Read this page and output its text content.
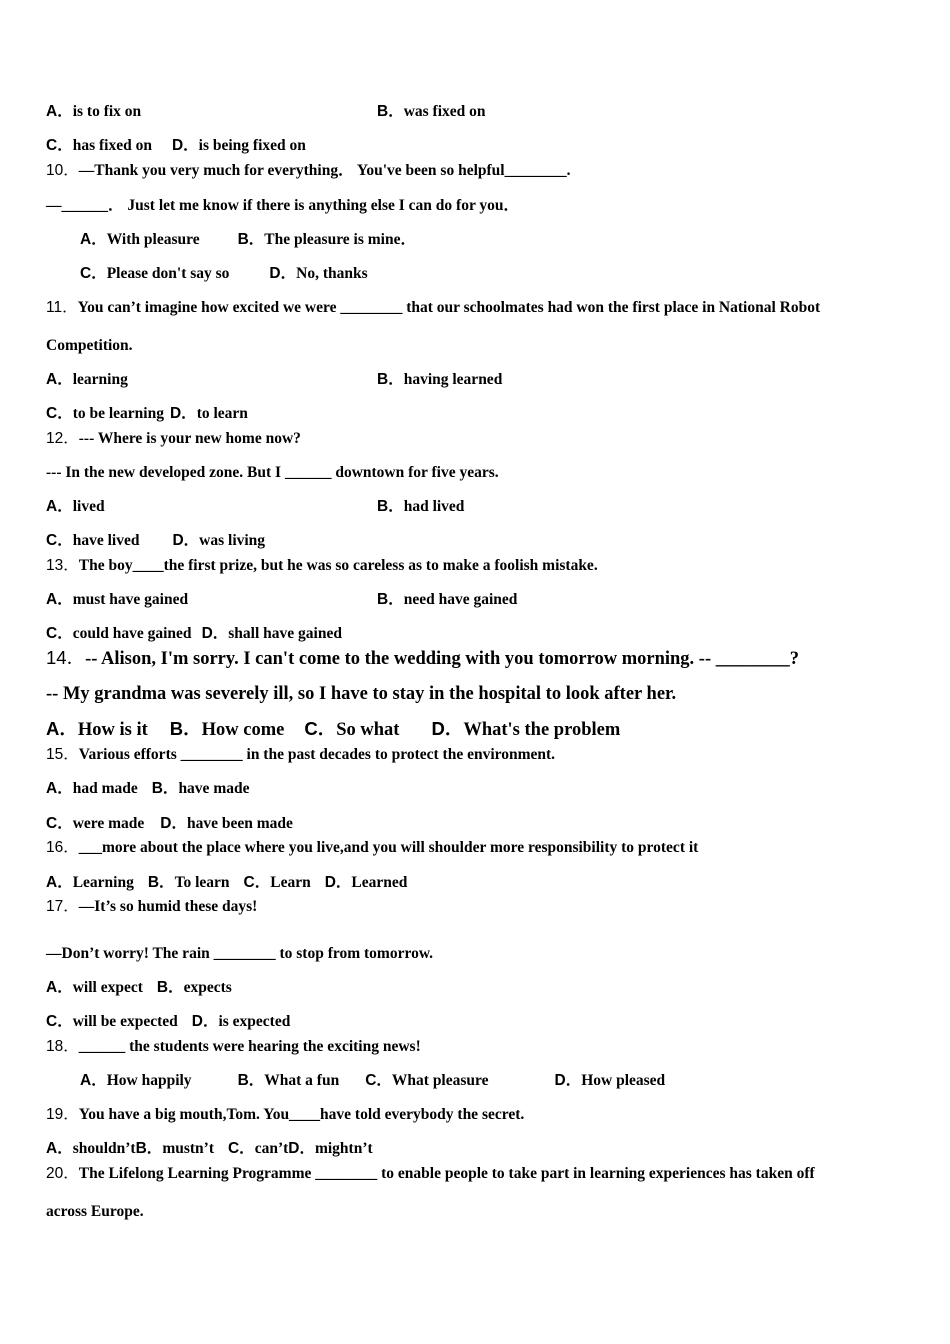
A．is to fix on	B．was fixed on
C．has fixed on D．is being fixed on
10．—Thank you very much for everything． You've been so helpful________.
—______． Just let me know if there is anything else I can do for you．
A．With pleasure B．The pleasure is mine．
C．Please don't say so	D．No, thanks
11．You can’t imagine how excited we were ________ that our schoolmates had won the first place in National Robot
Competition.
A．learning	B．having learned
C．to be learning D．to learn
12．--- Where is your new home now?
--- In the new developed zone. But I ______ downtown for five years.
A．lived	B．had lived
C．have lived D．was living
13．The boy____the first prize, but he was so careless as to make a foolish mistake.
A．must have gained	B．need have gained
C．could have gained D．shall have gained
14．-- Alison, I'm sorry. I can't come to the wedding with you tomorrow morning. -- ________?
-- My grandma was severely ill, so I have to stay in the hospital to look after her.
A．How is it B．How come C．So what D．What's the problem
15．Various efforts ________ in the past decades to protect the environment.
A．had made B．have made
C．were made D．have been made
16．___more about the place where you live,and you will shoulder more responsibility to protect it
A．Learning B．To learn C．Learn D．Learned
17．—It’s so humid these days!
—Don’t worry! The rain ________ to stop from tomorrow.
A．will expect B．expects
C．will be expected D．is expected
18．______ the students were hearing the exciting news!
A．How happily	B．What a fun C．What pleasure	D．How pleased
19．You have a big mouth,Tom. You____have told everybody the secret.
A．shouldn’tB．mustn’t C．can’tD．mightn’t
20．The Lifelong Learning Programme ________ to enable people to take part in learning experiences has taken off
across Europe.
